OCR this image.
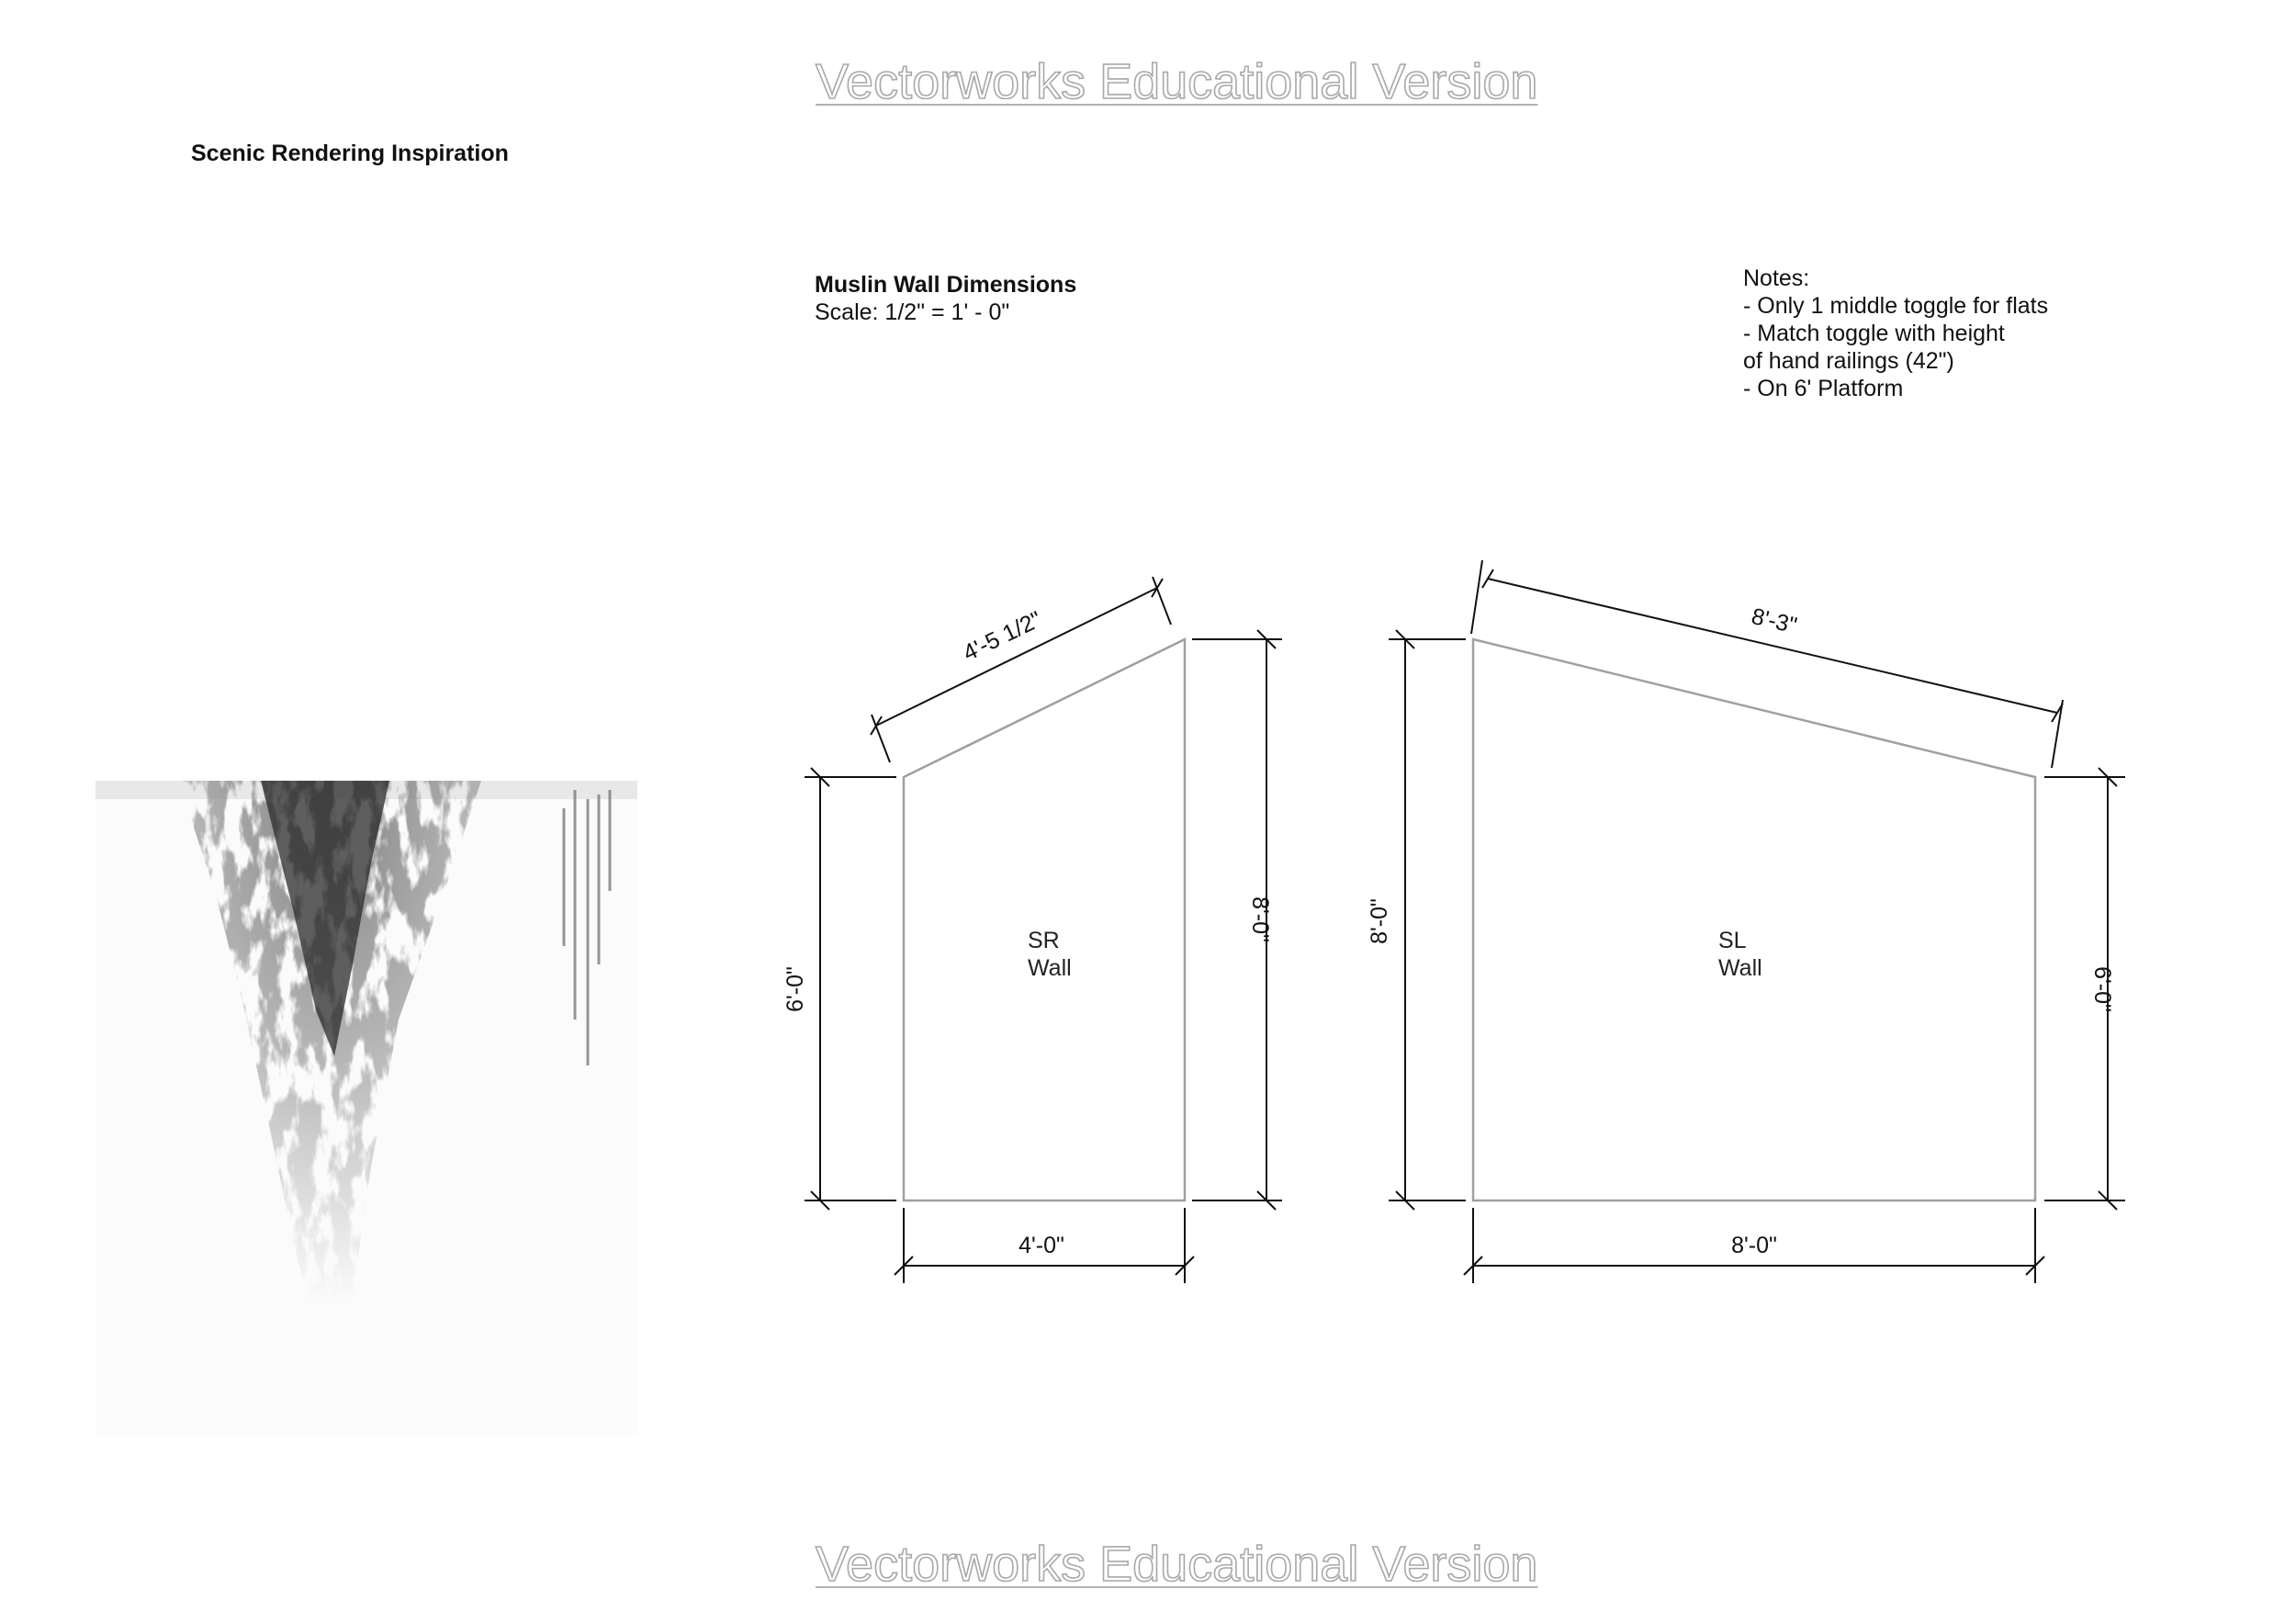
Vectorworks Educational Version
Vectorworks Educational Version
Scenic Rendering Inspiration
Muslin Wall Dimensions
Scale: 1/2" = 1' - 0"
Notes:
- Only 1 middle toggle for flats
- Match toggle with height
of hand railings (42")
- On 6' Platform
SR
Wall
4'-5 1/2"
6'-0"
8'-0"
4'-0"
SL
Wall
8'-3"
8'-0"
6'-0"
8'-0"
